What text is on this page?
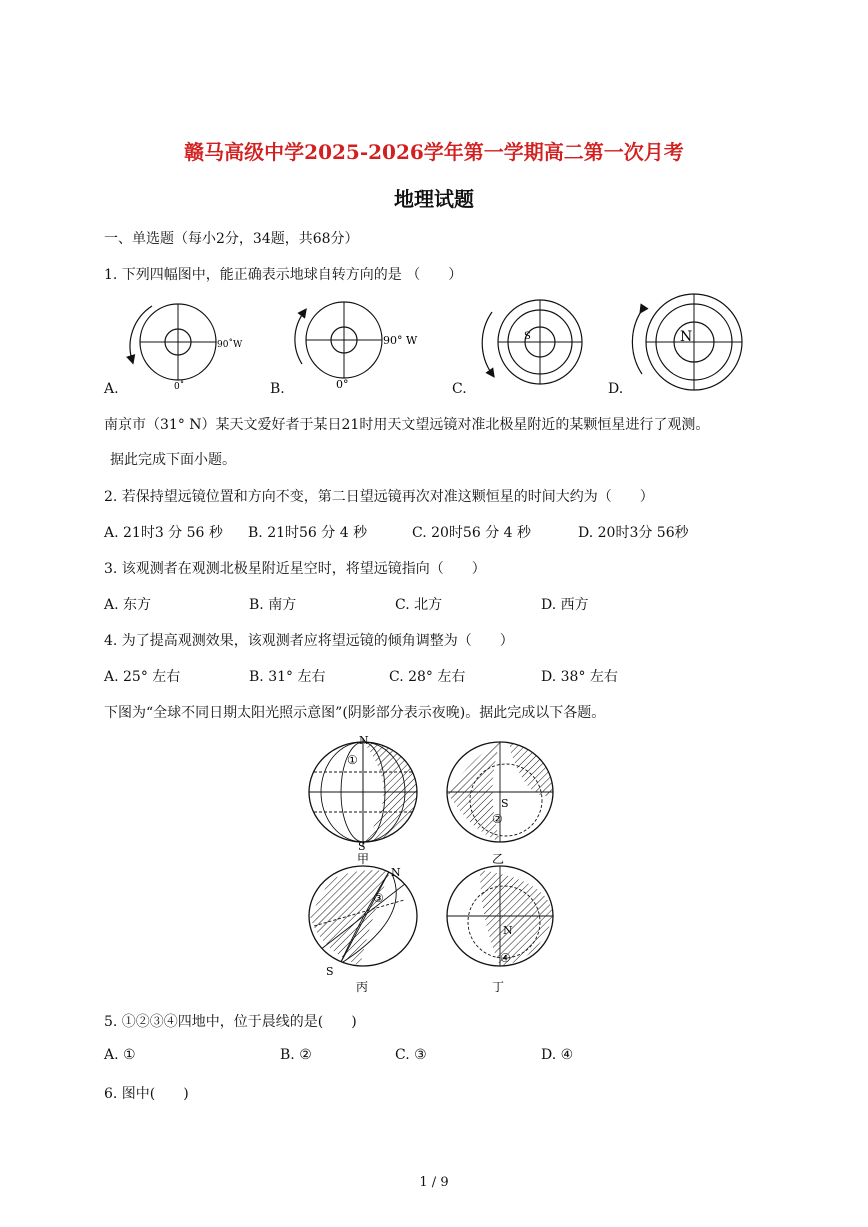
赣马高级中学2025-2026学年第一学期高二第一次月考
地理试题
一、单选题（每小2分，34题，共68分）
1. 下列四幅图中，能正确表示地球自转方向的是 （　　）
90˚W
0˚
90° W
0°
S	N
A.	B.	C.	D.
南京市（31° N）某天文爱好者于某日21时用天文望远镜对准北极星附近的某颗恒星进行了观测。
据此完成下面小题。
2. 若保持望远镜位置和方向不变，第二日望远镜再次对准这颗恒星的时间大约为（　　）
A. 21时3 分 56 秒 B. 21时56 分 4 秒	C. 20时56 分 4 秒	D. 20时3分 56秒
3. 该观测者在观测北极星附近星空时，将望远镜指向（　　）
A. 东方	B. 南方	C. 北方	D. 西方
4. 为了提高观测效果，该观测者应将望远镜的倾角调整为（　　）
A. 25° 左右	B. 31° 左右	C. 28° 左右	D. 38° 左右
下图为“全球不同日期太阳光照示意图”(阴影部分表示夜晚)。据此完成以下各题。
N
①
S
甲
S
②
乙
N
③
S
丙
N
④
丁
5. ①②③④四地中，位于晨线的是(　　)
A. ①	B. ②	C. ③	D. ④
6. 图中(　　)
1 / 9
